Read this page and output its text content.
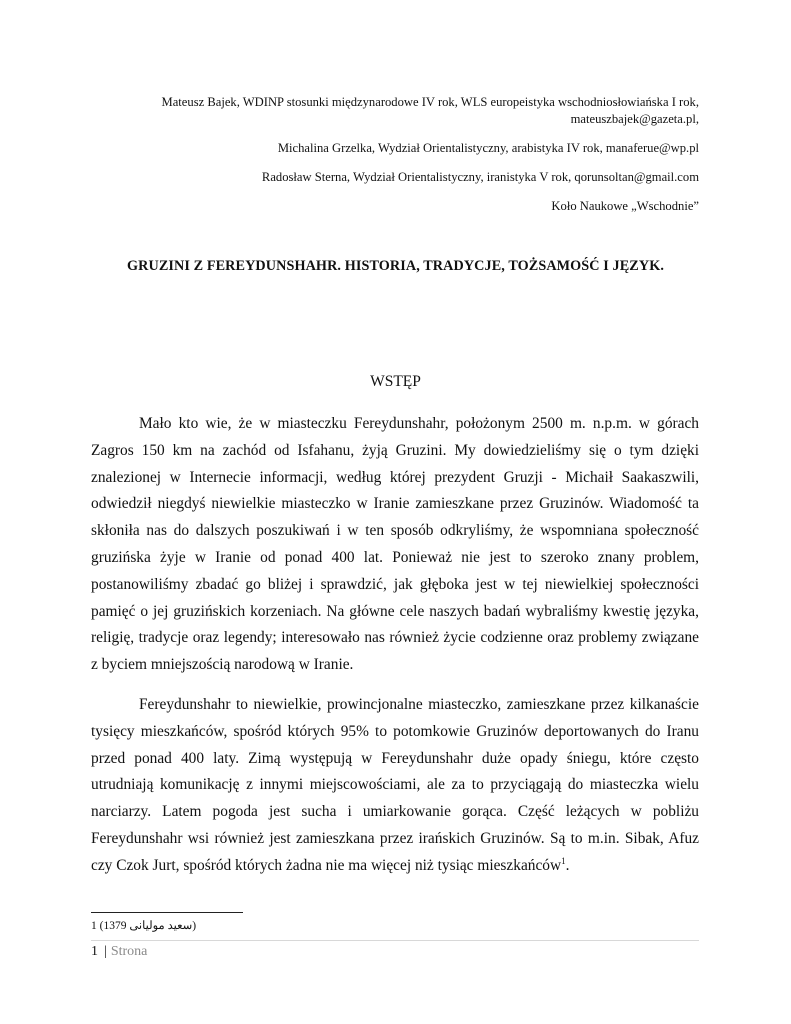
Mateusz Bajek, WDINP stosunki międzynarodowe IV rok, WLS europeistyka wschodniosłowiańska I rok,
mateuszbajek@gazeta.pl,

Michalina Grzelka, Wydział Orientalistyczny, arabistyka IV rok, manaferue@wp.pl

Radosław Sterna, Wydział Orientalistyczny, iranistyka V rok, qorunsoltan@gmail.com

Koło Naukowe „Wschodnie”

GRUZINI Z FEREYDUNSHAHR. HISTORIA, TRADYCJE, TOŻSAMOŚĆ I JĘZYK.
WSTĘP

Mało kto wie, że w miasteczku Fereydunshahr, położonym 2500 m. n.p.m. w górach Zagros 150 km na zachód od Isfahanu, żyją Gruzini. My dowiedzieliśmy się o tym dzięki znalezionej w Internecie informacji, według której prezydent Gruzji - Michaił Saakaszwili, odwiedził niegdyś niewielkie miasteczko w Iranie zamieszkane przez Gruzinów. Wiadomość ta skłoniła nas do dalszych poszukiwań i w ten sposób odkryliśmy, że wspomniana społeczność gruzińska żyje w Iranie od ponad 400 lat. Ponieważ nie jest to szeroko znany problem, postanowiliśmy zbadać go bliżej i sprawdzić, jak głęboka jest w tej niewielkiej społeczności pamięć o jej gruzińskich korzeniach. Na główne cele naszych badań wybraliśmy kwestię języka, religię, tradycje oraz legendy; interesowało nas również życie codzienne oraz problemy związane z byciem mniejszością narodową w Iranie.

Fereydunshahr to niewielkie, prowincjonalne miasteczko, zamieszkane przez kilkanaście tysięcy mieszkańców, spośród których 95% to potomkowie Gruzinów deportowanych do Iranu przed ponad 400 laty. Zimą występują w Fereydunshahr duże opady śniegu, które często utrudniają komunikację z innymi miejscowościami, ale za to przyciągają do miasteczka wielu narciarzy. Latem pogoda jest sucha i umiarkowanie gorąca. Część leżących w pobliżu Fereydunshahr wsi również jest zamieszkana przez irańskich Gruzinów. Są to m.in. Sibak, Afuz czy Czok Jurt, spośród których żadna nie ma więcej niż tysiąc mieszkańców$^1$.

1 (سعید مولیانی 1379)
1 | Strona
